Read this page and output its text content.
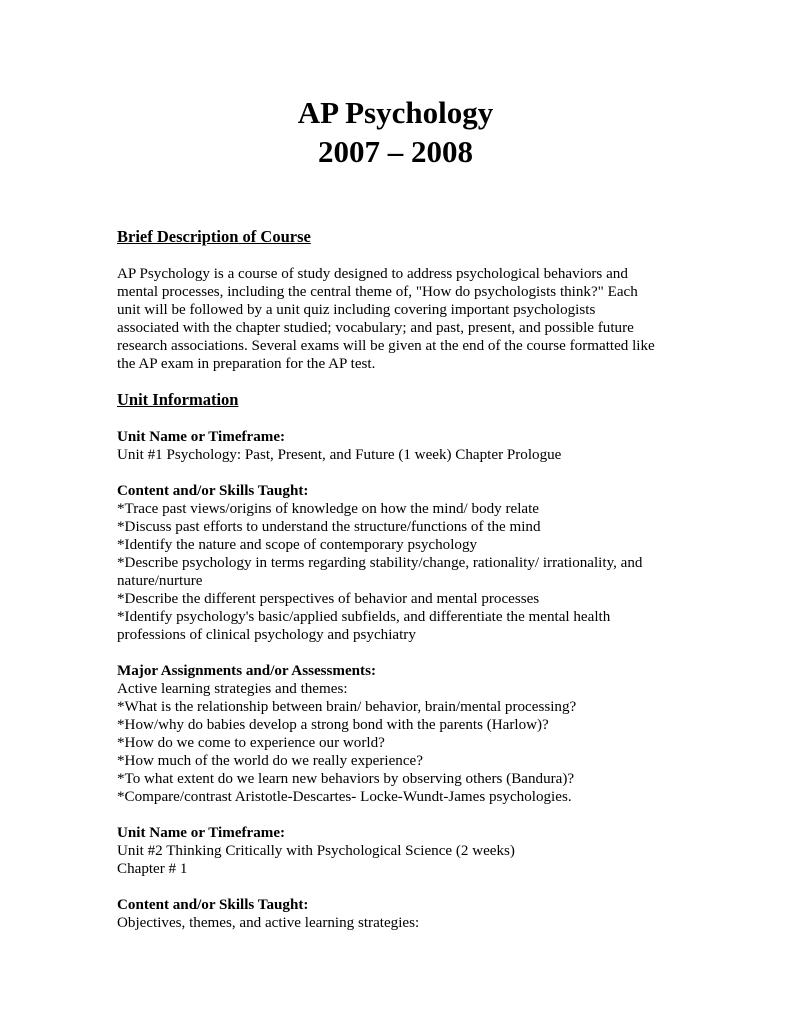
AP Psychology
2007 – 2008
Brief Description of Course

AP Psychology is a course of study designed to address psychological behaviors and
mental processes, including the central theme of, "How do psychologists think?" Each
unit will be followed by a unit quiz including covering important psychologists
associated with the chapter studied; vocabulary; and past, present, and possible future
research associations. Several exams will be given at the end of the course formatted like
the AP exam in preparation for the AP test.

Unit Information

Unit Name or Timeframe:
Unit #1 Psychology: Past, Present, and Future (1 week) Chapter Prologue

Content and/or Skills Taught:
*Trace past views/origins of knowledge on how the mind/ body relate
*Discuss past efforts to understand the structure/functions of the mind
*Identify the nature and scope of contemporary psychology
*Describe psychology in terms regarding stability/change, rationality/ irrationality, and
nature/nurture
*Describe the different perspectives of behavior and mental processes
*Identify psychology's basic/applied subfields, and differentiate the mental health
professions of clinical psychology and psychiatry

Major Assignments and/or Assessments:
Active learning strategies and themes:
*What is the relationship between brain/ behavior, brain/mental processing?
*How/why do babies develop a strong bond with the parents (Harlow)?
*How do we come to experience our world?
*How much of the world do we really experience?
*To what extent do we learn new behaviors by observing others (Bandura)?
*Compare/contrast Aristotle-Descartes- Locke-Wundt-James psychologies.

Unit Name or Timeframe:
Unit #2 Thinking Critically with Psychological Science (2 weeks)
Chapter # 1

Content and/or Skills Taught:
Objectives, themes, and active learning strategies:
